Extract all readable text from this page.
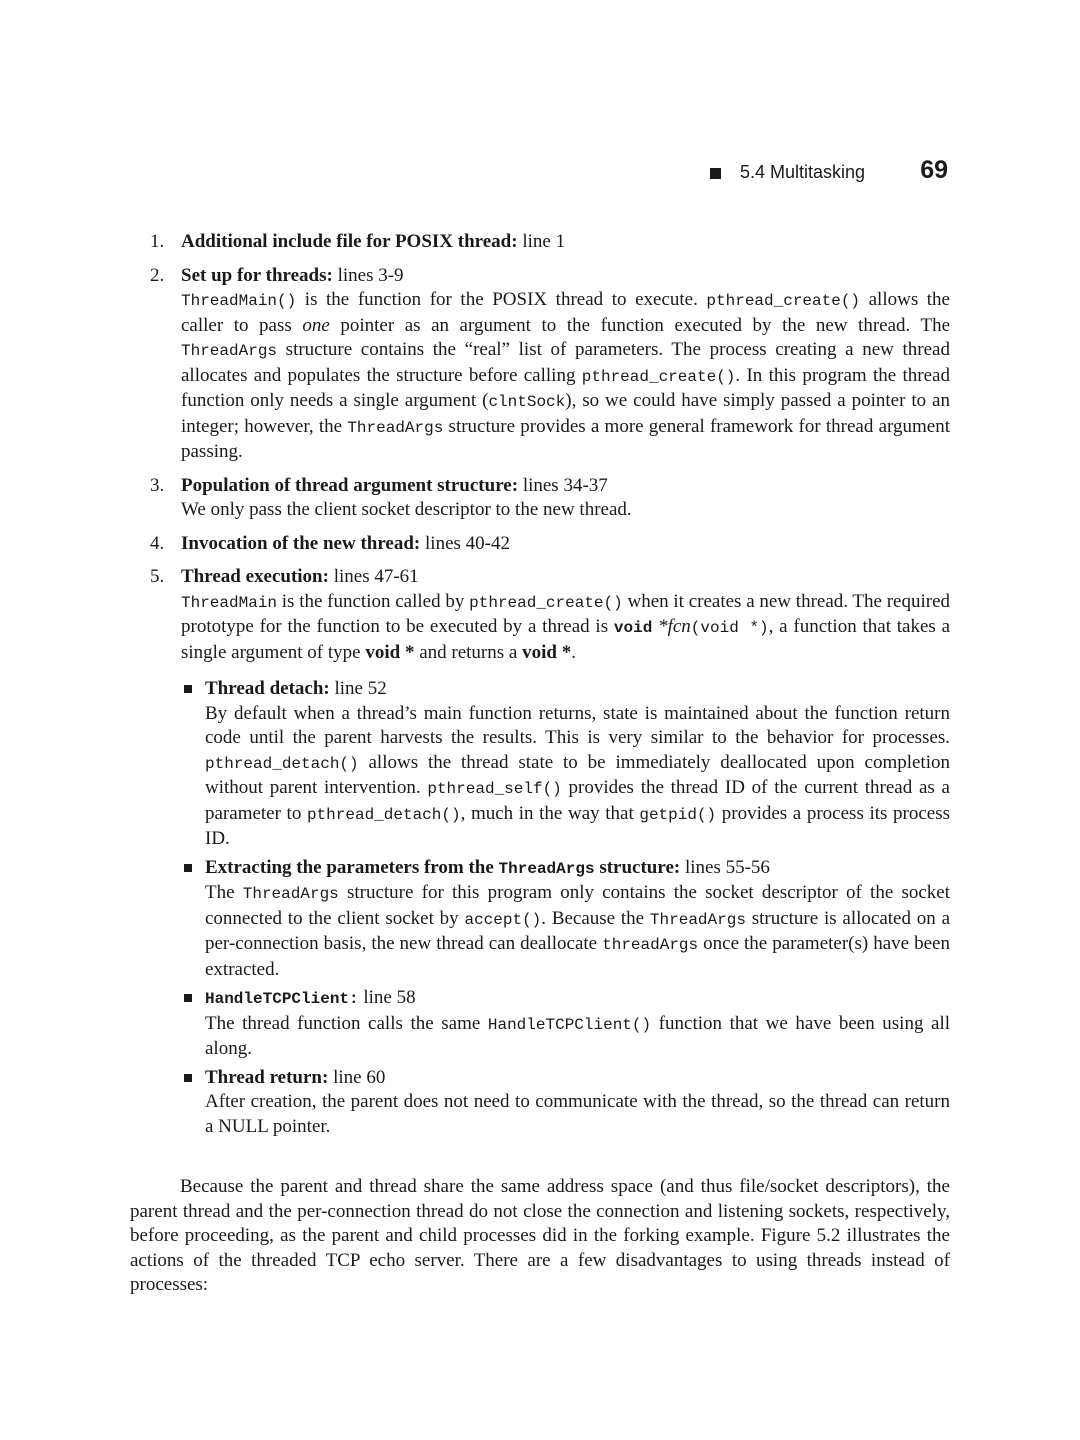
5.4 Multitasking 69
1. Additional include file for POSIX thread: line 1
2. Set up for threads: lines 3-9
ThreadMain() is the function for the POSIX thread to execute. pthread_create() allows the caller to pass one pointer as an argument to the function executed by the new thread. The ThreadArgs structure contains the “real” list of parameters. The process creating a new thread allocates and populates the structure before calling pthread_create(). In this program the thread function only needs a single argument (clntSock), so we could have simply passed a pointer to an integer; however, the ThreadArgs structure provides a more general framework for thread argument passing.
3. Population of thread argument structure: lines 34-37
We only pass the client socket descriptor to the new thread.
4. Invocation of the new thread: lines 40-42
5. Thread execution: lines 47-61
ThreadMain is the function called by pthread_create() when it creates a new thread. The required prototype for the function to be executed by a thread is void *fcn(void *), a function that takes a single argument of type void * and returns a void *.
Thread detach: line 52
By default when a thread’s main function returns, state is maintained about the function return code until the parent harvests the results. This is very similar to the behavior for processes. pthread_detach() allows the thread state to be immediately deallocated upon completion without parent intervention. pthread_self() provides the thread ID of the current thread as a parameter to pthread_detach(), much in the way that getpid() provides a process its process ID.
Extracting the parameters from the ThreadArgs structure: lines 55-56
The ThreadArgs structure for this program only contains the socket descriptor of the socket connected to the client socket by accept(). Because the ThreadArgs structure is allocated on a per-connection basis, the new thread can deallocate threadArgs once the parameter(s) have been extracted.
HandleTCPClient: line 58
The thread function calls the same HandleTCPClient() function that we have been using all along.
Thread return: line 60
After creation, the parent does not need to communicate with the thread, so the thread can return a NULL pointer.

Because the parent and thread share the same address space (and thus file/socket descriptors), the parent thread and the per-connection thread do not close the connection and listening sockets, respectively, before proceeding, as the parent and child processes did in the forking example. Figure 5.2 illustrates the actions of the threaded TCP echo server. There are a few disadvantages to using threads instead of processes:
